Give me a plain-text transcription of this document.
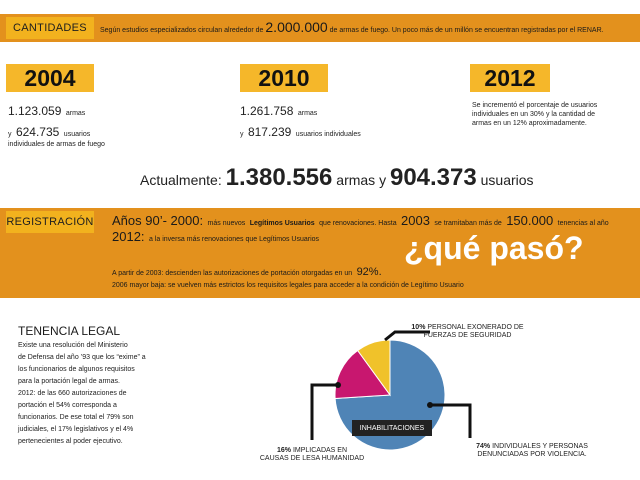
CANTIDADES	Según estudios especializados circulan alrededor de 2.000.000 de armas de fuego. Un poco más de un millón se encuentran registradas por el RENAR.
2004
1.123.059 armas
y 624.735 usuarios
individuales de armas de fuego
2010
1.261.758 armas
y 817.239 usuarios individuales
2012
Se incrementó el porcentaje de usuarios individuales en un 30% y la cantidad de armas en un 12% aproximadamente.
Actualmente: 1.380.556 armas y 904.373 usuarios
REGISTRACIÓN Años 90’- 2000: más nuevos Legítimos Usuarios que renovaciones. Hasta 2003 se tramitaban más de 150.000 tenencias al año
2012: a la inversa más renovaciones que Legítimos Usuarios
A partir de 2003: descienden las autorizaciones de portación otorgadas en un 92%.
2006 mayor baja: se vuelven más estrictos los requisitos legales para acceder a la condición de Legítimo Usuario
¿qué pasó?
TENENCIA LEGAL
Existe una resolución del Ministerio
de Defensa del año ’93 que los “exime” a
los funcionarios de algunos requisitos
para la portación legal de armas.
2012: de las 660 autorizaciones de
portación el 54% corresponda a
funcionarios. De ese total el 79% son
judiciales, el 17% legislativos y el 4%
pertenecientes al poder ejecutivo.
INHABILITACIONES
10% PERSONAL EXONERADO DE
FUERZAS DE SEGURIDAD
16% IMPLICADAS EN
CAUSAS DE LESA HUMANIDAD
74% INDIVIDUALES Y PERSONAS
DENUNCIADAS POR VIOLENCIA.
